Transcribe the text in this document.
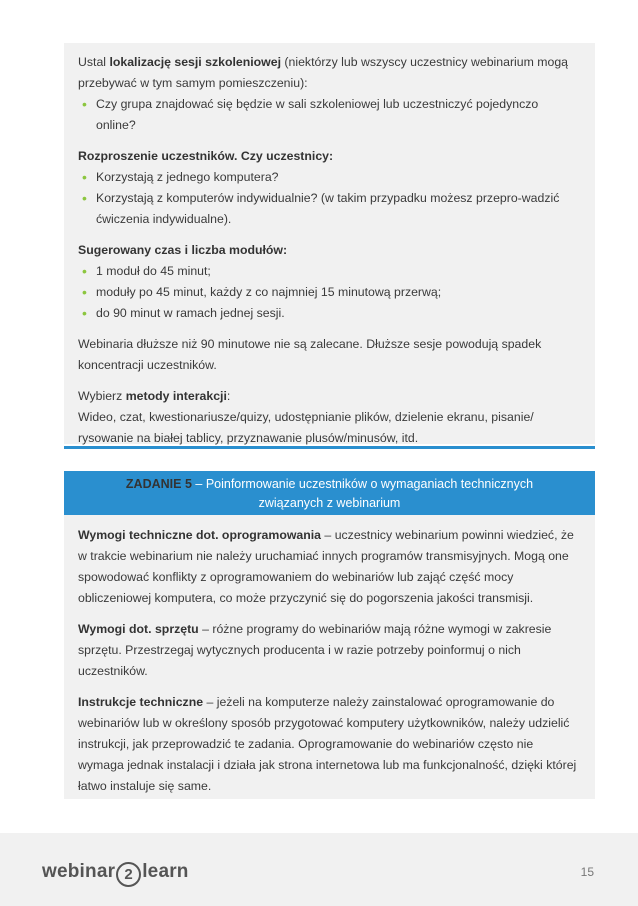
Ustal lokalizację sesji szkoleniowej (niektórzy lub wszyscy uczestnicy webinarium mogą przebywać w tym samym pomieszczeniu):

• Czy grupa znajdować się będzie w sali szkoleniowej lub uczestniczyć pojedynczo online?

Rozproszenie uczestników. Czy uczestnicy:

• Korzystają z jednego komputera?
• Korzystają z komputerów indywidualnie? (w takim przypadku możesz przepro-wadzić ćwiczenia indywidualne).

Sugerowany czas i liczba modułów:

• 1 moduł do 45 minut;
• moduły po 45 minut, każdy z co najmniej 15 minutową przerwą;
• do 90 minut w ramach jednej sesji.

Webinaria dłuższe niż 90 minutowe nie są zalecane. Dłuższe sesje powodują spadek koncentracji uczestników.

Wybierz metody interakcji:

Wideo, czat, kwestionariusze/quizy, udostępnianie plików, dzielenie ekranu, pisanie/ rysowanie na białej tablicy, przyznawanie plusów/minusów, itd.

ZADANIE 5 – Poinformowanie uczestników o wymaganiach technicznych związanych z webinarium

Wymogi techniczne dot. oprogramowania – uczestnicy webinarium powinni wiedzieć, że w trakcie webinarium nie należy uruchamiać innych programów transmisyjnych. Mogą one spowodować konflikty z oprogramowaniem do webinariów lub zająć część mocy obliczeniowej komputera, co może przyczynić się do pogorszenia jakości transmisji.

Wymogi dot. sprzętu – różne programy do webinariów mają różne wymogi w zakresie sprzętu. Przestrzegaj wytycznych producenta i w razie potrzeby poinformuj o nich uczestników.

Instrukcje techniczne – jeżeli na komputerze należy zainstalować oprogramowanie do webinariów lub w określony sposób przygotować komputery użytkowników, należy udzielić instrukcji, jak przeprowadzić te zadania. Oprogramowanie do webinariów często nie wymaga jednak instalacji i działa jak strona internetowa lub ma funkcjonalność, dzięki której łatwo instaluje się same.

webinar 2 learn	15
